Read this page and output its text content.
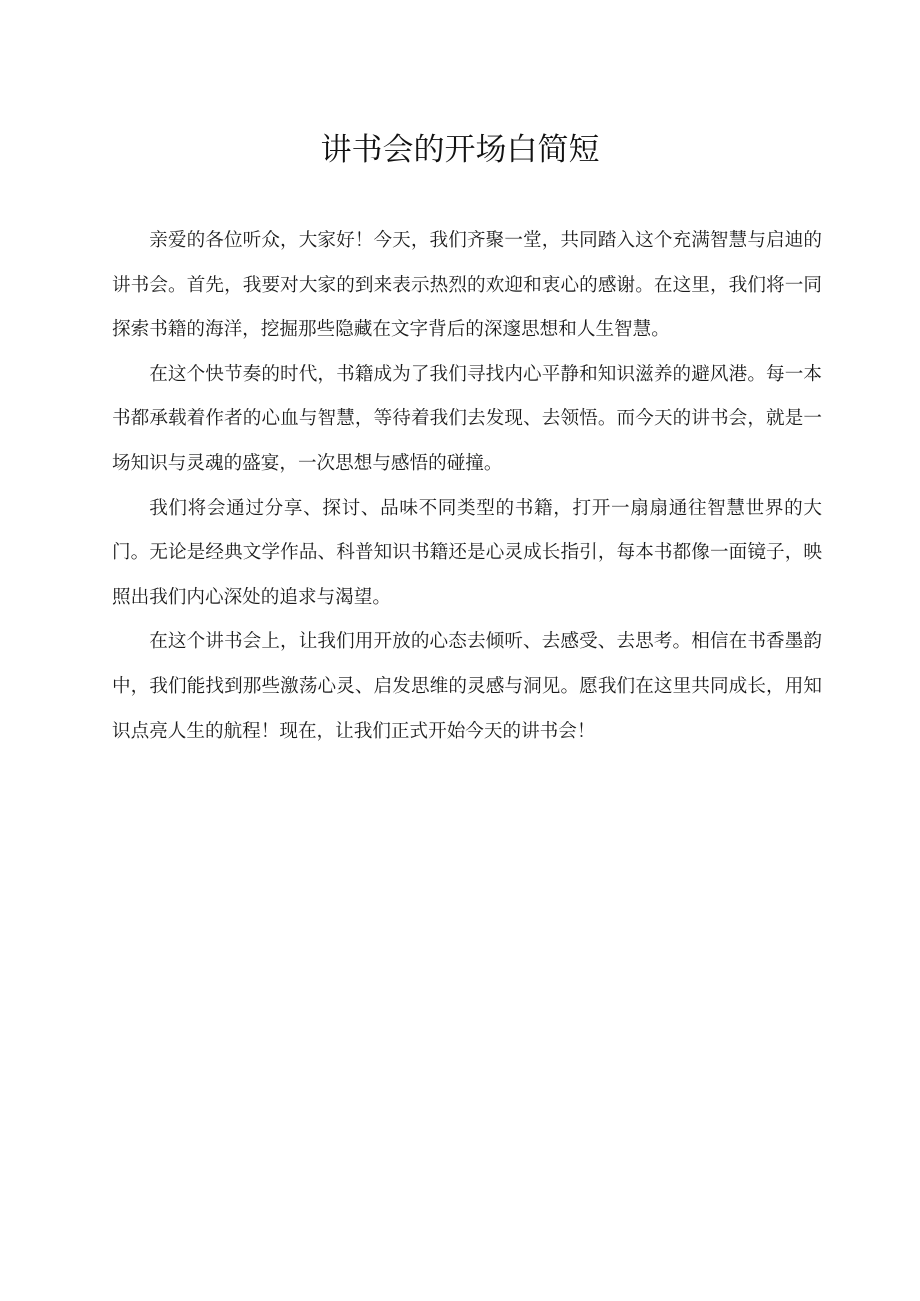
讲书会的开场白简短

亲爱的各位听众，大家好！今天，我们齐聚一堂，共同踏入这个充满智慧与启迪的讲书会。首先，我要对大家的到来表示热烈的欢迎和衷心的感谢。在这里，我们将一同探索书籍的海洋，挖掘那些隐藏在文字背后的深邃思想和人生智慧。

在这个快节奏的时代，书籍成为了我们寻找内心平静和知识滋养的避风港。每一本书都承载着作者的心血与智慧，等待着我们去发现、去领悟。而今天的讲书会，就是一场知识与灵魂的盛宴，一次思想与感悟的碰撞。

我们将会通过分享、探讨、品味不同类型的书籍，打开一扇扇通往智慧世界的大门。无论是经典文学作品、科普知识书籍还是心灵成长指引，每本书都像一面镜子，映照出我们内心深处的追求与渴望。

在这个讲书会上，让我们用开放的心态去倾听、去感受、去思考。相信在书香墨韵中，我们能找到那些激荡心灵、启发思维的灵感与洞见。愿我们在这里共同成长，用知识点亮人生的航程！现在，让我们正式开始今天的讲书会！
